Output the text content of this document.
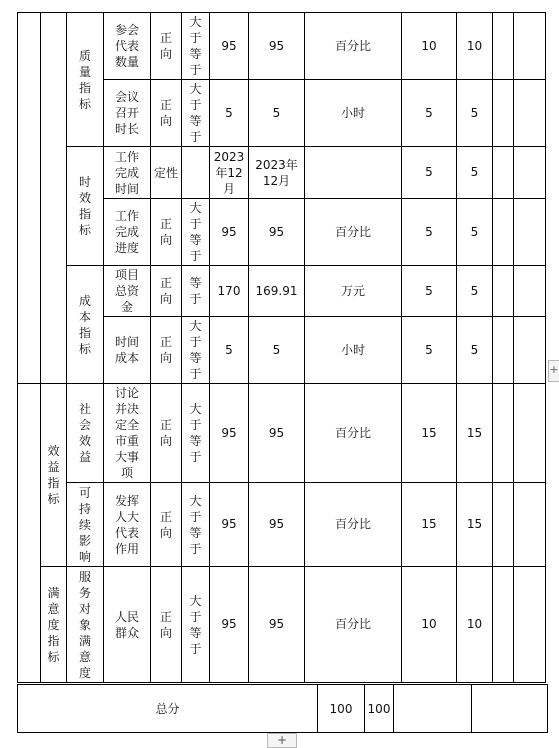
		质量指标	参会代表数量	正向	大于等于	95	95	百分比	10	10		
			会议召开时长	正向	大于等于	5	5	小时	5	5		
		时效指标	工作完成时间	定性		2023年12月	2023年12月		5	5		
			工作完成进度	正向	大于等于	95	95	百分比	5	5		
		成本指标	项目总资金	正向	等于	170	169.91	万元	5	5		
			时间成本	正向	大于等于	5	5	小时	5	5		
	效益指标	社会效益	讨论并决定全市重大事项	正向	大于等于	95	95	百分比	15	15		
		可持续影响	发挥人大代表作用	正向	大于等于	95	95	百分比	15	15		
	满意度指标	服务对象满意度	人民群众	正向	大于等于	95	95	百分比	10	10		
总分	100	100		
+
+
